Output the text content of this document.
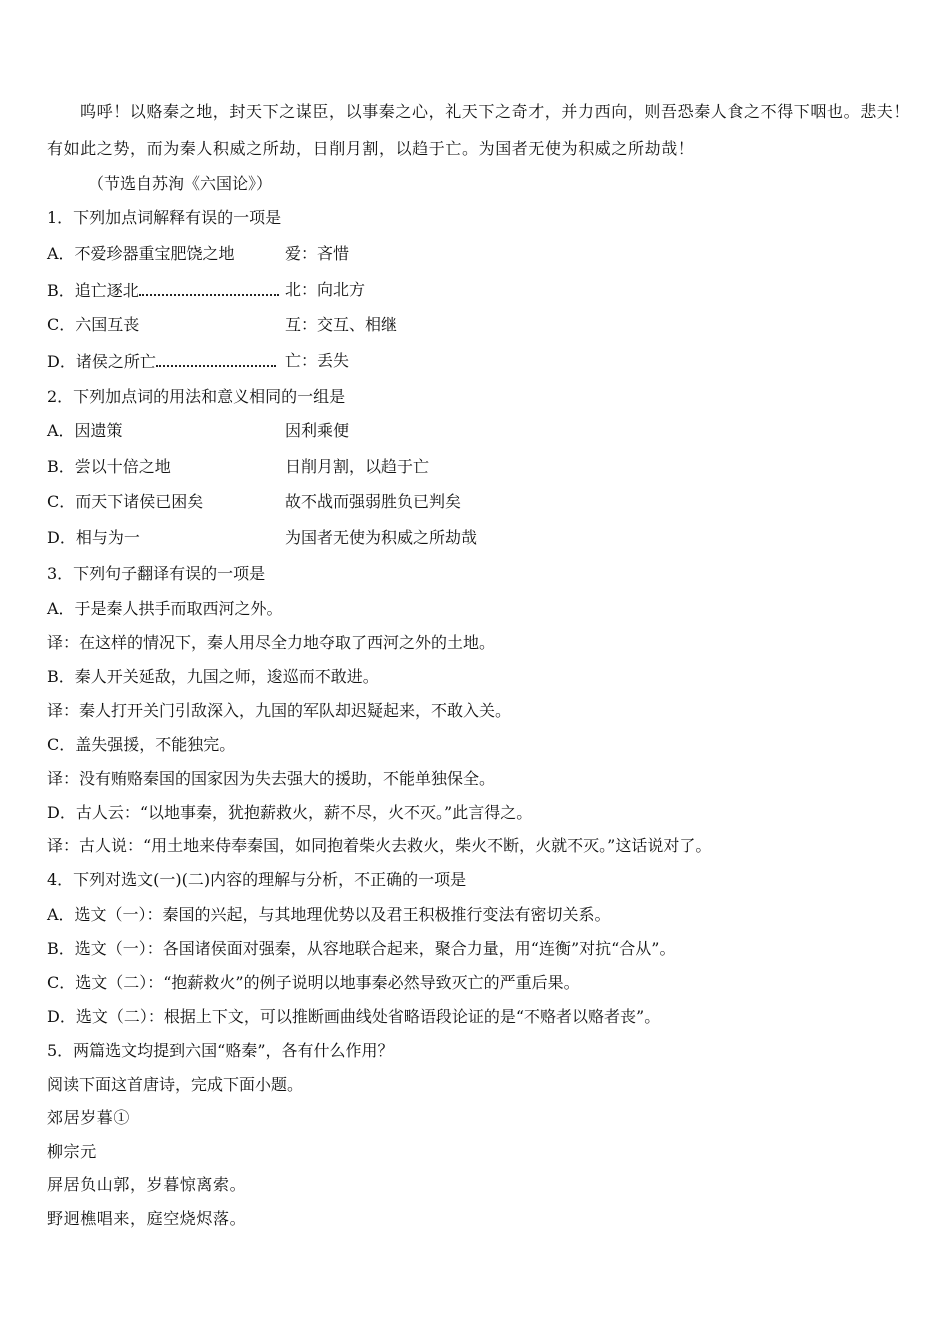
呜呼！以赂秦之地，封天下之谋臣，以事秦之心，礼天下之奇才，并力西向，则吾恐秦人食之不得下咽也。悲夫！
有如此之势，而为秦人积威之所劫，日削月割，以趋于亡。为国者无使为积威之所劫哉！
（节选自苏洵《六国论》）
1．下列加点词解释有误的一项是
A．不爱珍器重宝肥饶之地	爱：吝惜
B．追亡逐北	北：向北方
C．六国互丧	互：交互、相继
D．诸侯之所亡	亡：丢失
2．下列加点词的用法和意义相同的一组是
A．因遗策	因利乘便
B．尝以十倍之地	日削月割，以趋于亡
C．而天下诸侯已困矣	故不战而强弱胜负已判矣
D．相与为一	为国者无使为积威之所劫哉
3．下列句子翻译有误的一项是
A．于是秦人拱手而取西河之外。
译：在这样的情况下，秦人用尽全力地夺取了西河之外的土地。
B．秦人开关延敌，九国之师，逡巡而不敢进。
译：秦人打开关门引敌深入，九国的军队却迟疑起来，不敢入关。
C．盖失强援，不能独完。
译：没有贿赂秦国的国家因为失去强大的援助，不能单独保全。
D．古人云：“以地事秦，犹抱薪救火，薪不尽，火不灭。”此言得之。
译：古人说：“用土地来侍奉秦国，如同抱着柴火去救火，柴火不断，火就不灭。”这话说对了。
4．下列对选文(一)(二)内容的理解与分析，不正确的一项是
A．选文（一）：秦国的兴起，与其地理优势以及君王积极推行变法有密切关系。
B．选文（一）：各国诸侯面对强秦，从容地联合起来，聚合力量，用“连衡”对抗“合从”。
C．选文（二）：“抱薪救火”的例子说明以地事秦必然导致灭亡的严重后果。
D．选文（二）：根据上下文，可以推断画曲线处省略语段论证的是“不赂者以赂者丧”。
5．两篇选文均提到六国“赂秦”，各有什么作用？
阅读下面这首唐诗，完成下面小题。
郊居岁暮①
柳宗元
屏居负山郭，岁暮惊离索。
野迥樵唱来，庭空烧烬落。
